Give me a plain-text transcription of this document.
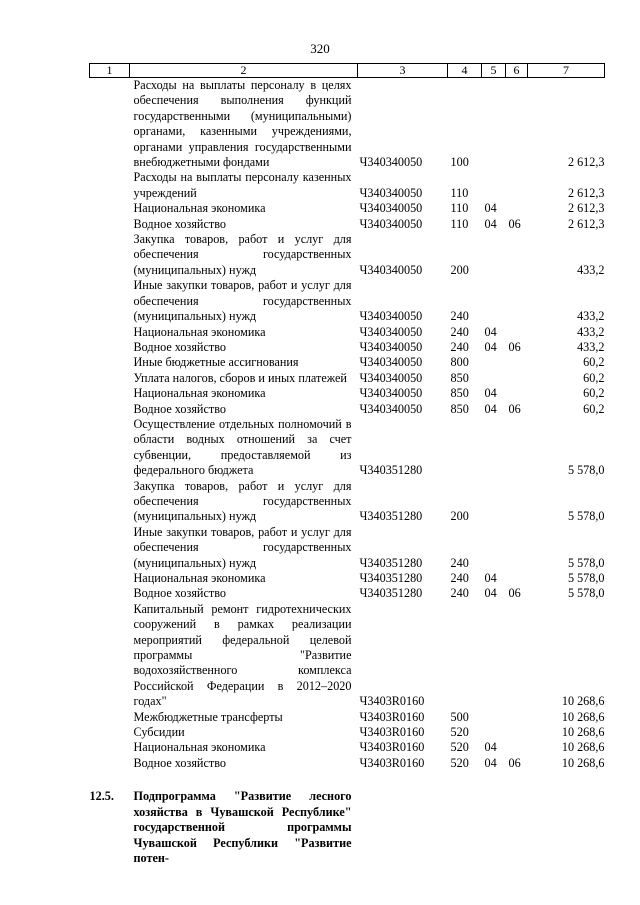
320
1	2	3	4	5	6	7
	Расходы на выплаты персоналу в целях обеспечения выполнения функций государственными (муниципальными) органами, казенными учреждениями, органами управления государственными внебюджетными фондами	Ч340340050	100			2 612,3
	Расходы на выплаты персоналу казенных учреждений	Ч340340050	110			2 612,3
	Национальная экономика	Ч340340050	110	04		2 612,3
	Водное хозяйство	Ч340340050	110	04	06	2 612,3
	Закупка товаров, работ и услуг для обеспечения государственных (муниципальных) нужд	Ч340340050	200			433,2
	Иные закупки товаров, работ и услуг для обеспечения государственных (муниципальных) нужд	Ч340340050	240			433,2
	Национальная экономика	Ч340340050	240	04		433,2
	Водное хозяйство	Ч340340050	240	04	06	433,2
	Иные бюджетные ассигнования	Ч340340050	800			60,2
	Уплата налогов, сборов и иных платежей	Ч340340050	850			60,2
	Национальная экономика	Ч340340050	850	04		60,2
	Водное хозяйство	Ч340340050	850	04	06	60,2
	Осуществление отдельных полномочий в области водных отношений за счет субвенции, предоставляемой из федерального бюджета	Ч340351280				5 578,0
	Закупка товаров, работ и услуг для обеспечения государственных (муниципальных) нужд	Ч340351280	200			5 578,0
	Иные закупки товаров, работ и услуг для обеспечения государственных (муниципальных) нужд	Ч340351280	240			5 578,0
	Национальная экономика	Ч340351280	240	04		5 578,0
	Водное хозяйство	Ч340351280	240	04	06	5 578,0
	Капитальный ремонт гидротехнических сооружений в рамках реализации мероприятий федеральной целевой программы "Развитие водохозяйственного комплекса Российской Федерации в 2012–2020 годах"	Ч3403R0160				10 268,6
	Межбюджетные трансферты	Ч3403R0160	500			10 268,6
	Субсидии	Ч3403R0160	520			10 268,6
	Национальная экономика	Ч3403R0160	520	04		10 268,6
	Водное хозяйство	Ч3403R0160	520	04	06	10 268,6

12.5.	Подпрограмма "Развитие лесного хозяйства в Чувашской Республике" государственной программы Чувашской Республики "Развитие потен-					
